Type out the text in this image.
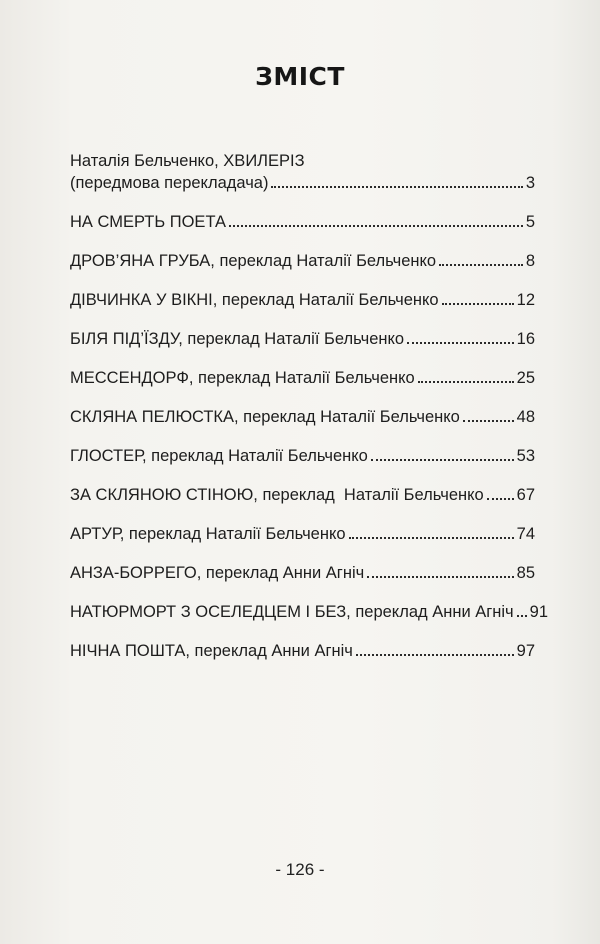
ЗМІСТ
Наталія Бельченко, ХВИЛЕРІЗ
(передмова перекладача)	3
НА СМЕРТЬ ПОЕТА	5
ДРОВ’ЯНА ГРУБА, переклад Наталії Бельченко	8
ДІВЧИНКА У ВІКНІ, переклад Наталії Бельченко	12
БІЛЯ ПІД’ЇЗДУ, переклад Наталії Бельченко	16
МЕССЕНДОРФ, переклад Наталії Бельченко	25
СКЛЯНА ПЕЛЮСТКА, переклад Наталії Бельченко	48
ГЛОСТЕР, переклад Наталії Бельченко	53
ЗА СКЛЯНОЮ СТІНОЮ, переклад  Наталії Бельченко 67
АРТУР, переклад Наталії Бельченко	74
АНЗА-БОРРЕГО, переклад Анни Агніч	85
НАТЮРМОРТ З ОСЕЛЕДЦЕМ І БЕЗ, переклад Анни Агніч 91
НІЧНА ПОШТА, переклад Анни Агніч	97
- 126 -
